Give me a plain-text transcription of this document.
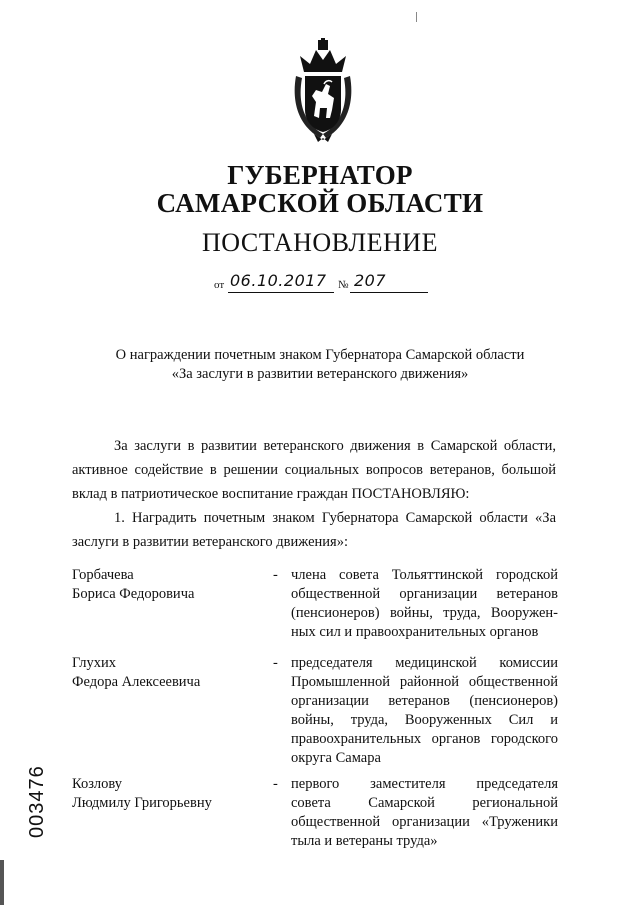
ГУБЕРНАТОР
САМАРСКОЙ ОБЛАСТИ
ПОСТАНОВЛЕНИЕ
от 06.10.2017 № 207
О награждении почетным знаком Губернатора Самарской области
«За заслуги в развитии ветеранского движения»
За заслуги в развитии ветеранского движения в Самарской области, активное содействие в решении социальных вопросов ветеранов, большой вклад в патриотическое воспитание граждан ПОСТАНОВЛЯЮ:
1. Наградить почетным знаком Губернатора Самарской области «За заслуги в развитии ветеранского движения»:
Горбачева
Бориса Федоровича
- члена совета Тольяттинской городской
общественной организации ветеранов
(пенсионеров) войны, труда, Вооружен-
ных сил и правоохранительных органов
Глухих
Федора Алексеевича
- председателя медицинской комиссии
Промышленной районной общественной
организации ветеранов (пенсионеров)
войны, труда, Вооруженных Сил и
правоохранительных органов городского
округа Самара
Козлову
Людмилу Григорьевну
- первого заместителя председателя
совета Самарской региональной
общественной организации «Труженики
тыла и ветераны труда»
003476
